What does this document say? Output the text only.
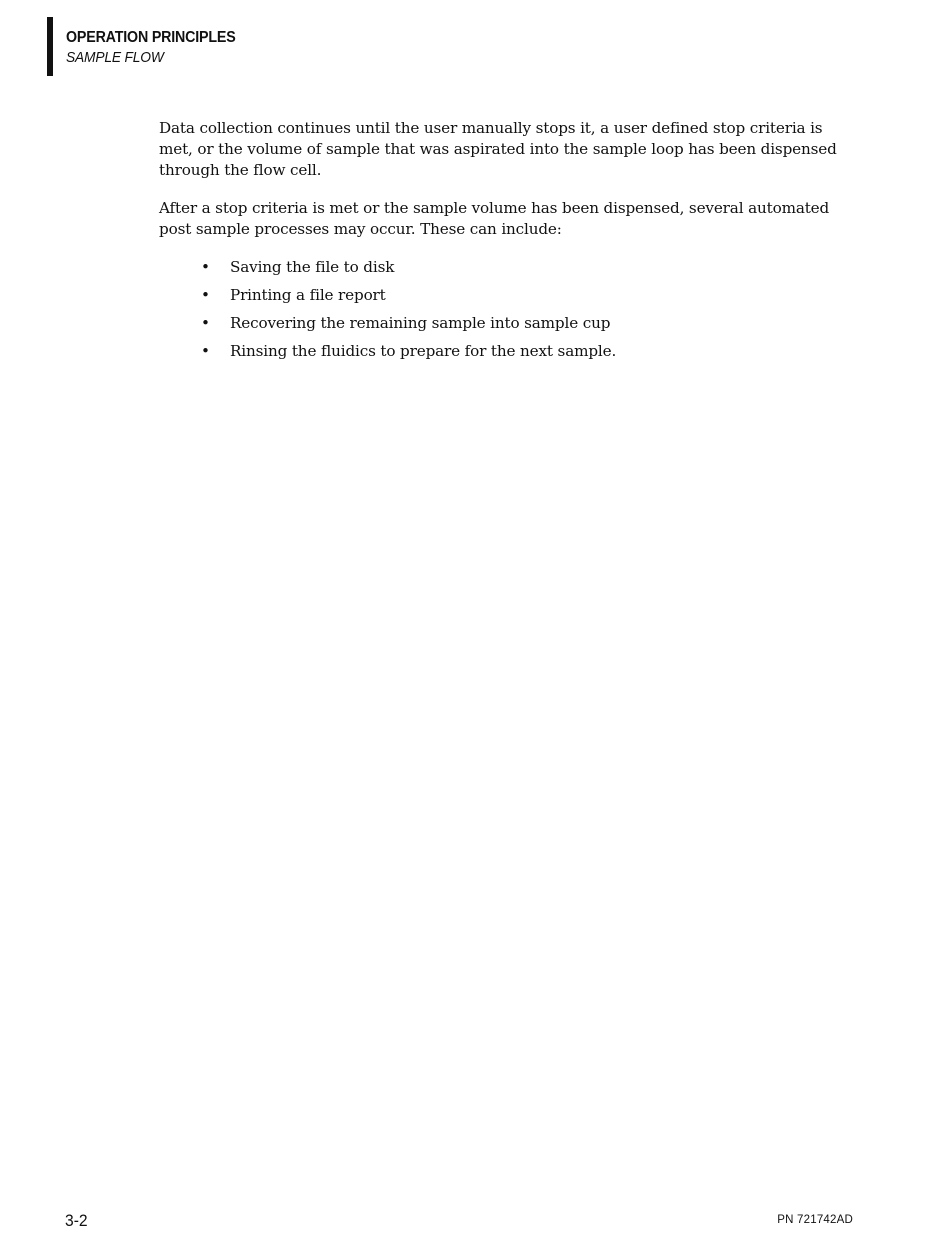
OPERATION PRINCIPLES
SAMPLE FLOW

Data collection continues until the user manually stops it, a user defined stop criteria is met, or the volume of sample that was aspirated into the sample loop has been dispensed through the flow cell.

After a stop criteria is met or the sample volume has been dispensed, several automated post sample processes may occur. These can include:

• Saving the file to disk
• Printing a file report
• Recovering the remaining sample into sample cup
• Rinsing the fluidics to prepare for the next sample.
3-2	PN 721742AD
